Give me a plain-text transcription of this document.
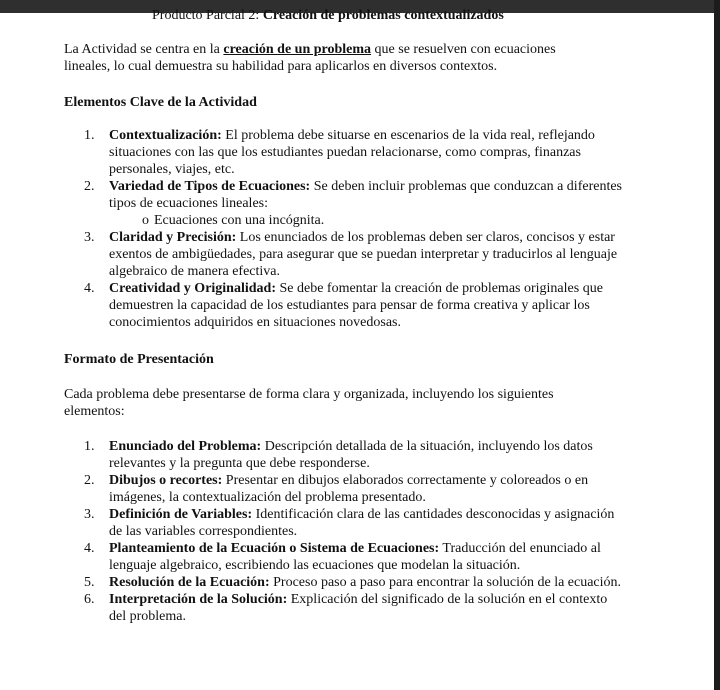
Producto Parcial 2: Creación de problemas contextualizados

La Actividad se centra en la creación de un problema que se resuelven con ecuaciones lineales, lo cual demuestra su habilidad para aplicarlos en diversos contextos.

Elementos Clave de la Actividad
1. Contextualización: El problema debe situarse en escenarios de la vida real, reflejando situaciones con las que los estudiantes puedan relacionarse, como compras, finanzas personales, viajes, etc.
2. Variedad de Tipos de Ecuaciones: Se deben incluir problemas que conduzcan a diferentes tipos de ecuaciones lineales:
o Ecuaciones con una incógnita.
3. Claridad y Precisión: Los enunciados de los problemas deben ser claros, concisos y estar exentos de ambigüedades, para asegurar que se puedan interpretar y traducirlos al lenguaje algebraico de manera efectiva.
4. Creatividad y Originalidad: Se debe fomentar la creación de problemas originales que demuestren la capacidad de los estudiantes para pensar de forma creativa y aplicar los conocimientos adquiridos en situaciones novedosas.
Formato de Presentación

Cada problema debe presentarse de forma clara y organizada, incluyendo los siguientes elementos:

1. Enunciado del Problema: Descripción detallada de la situación, incluyendo los datos relevantes y la pregunta que debe responderse.
2. Dibujos o recortes: Presentar en dibujos elaborados correctamente y coloreados o en imágenes, la contextualización del problema presentado.
3. Definición de Variables: Identificación clara de las cantidades desconocidas y asignación de las variables correspondientes.
4. Planteamiento de la Ecuación o Sistema de Ecuaciones: Traducción del enunciado al lenguaje algebraico, escribiendo las ecuaciones que modelan la situación.
5. Resolución de la Ecuación: Proceso paso a paso para encontrar la solución de la ecuación.
6. Interpretación de la Solución: Explicación del significado de la solución en el contexto del problema.
